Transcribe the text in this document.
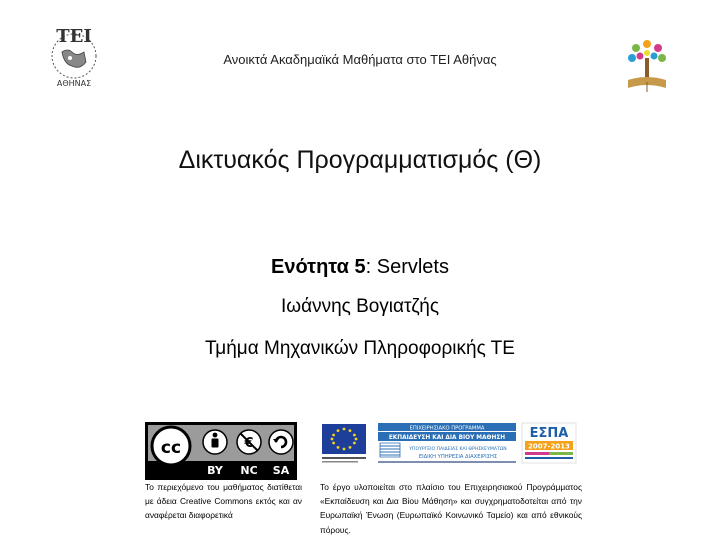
ΤΕΙ
ΑΘΗΝΑΣ
Ανοικτά Ακαδημαϊκά Μαθήματα στο ΤΕΙ Αθήνας
Δικτυακός Προγραμματισμός (Θ)
Ενότητα 5: Servlets
Ιωάννης Βογιατζής
Τμήμα Μηχανικών Πληροφορικής ΤΕ
cc	€
BY NC SA
ΕΠΙΧΕΙΡΗΣΙΑΚΟ ΠΡΟΓΡΑΜΜΑ
ΕΚΠΑΙΔΕΥΣΗ ΚΑΙ ΔΙΑ ΒΙΟΥ ΜΑΘΗΣΗ
ΥΠΟΥΡΓΕΙΟ ΠΑΙΔΕΙΑΣ ΚΑΙ ΘΡΗΣΚΕΥΜΑΤΩΝ
ΕΙΔΙΚΗ ΥΠΗΡΕΣΙΑ ΔΙΑΧΕΙΡΙΣΗΣ
ΕΣΠΑ
2007-2013
Το περιεχόμενο του μαθήματος διατίθεται με άδεια Creative Commons εκτός και αν αναφέρεται διαφορετικά
Το έργο υλοποιείται στο πλαίσιο του Επιχειρησιακού Προγράμματος «Εκπαίδευση και Δια Βίου Μάθηση» και συγχρηματοδοτείται από την Ευρωπαϊκή Ένωση (Ευρωπαϊκό Κοινωνικό Ταμείο) και από εθνικούς πόρους.
